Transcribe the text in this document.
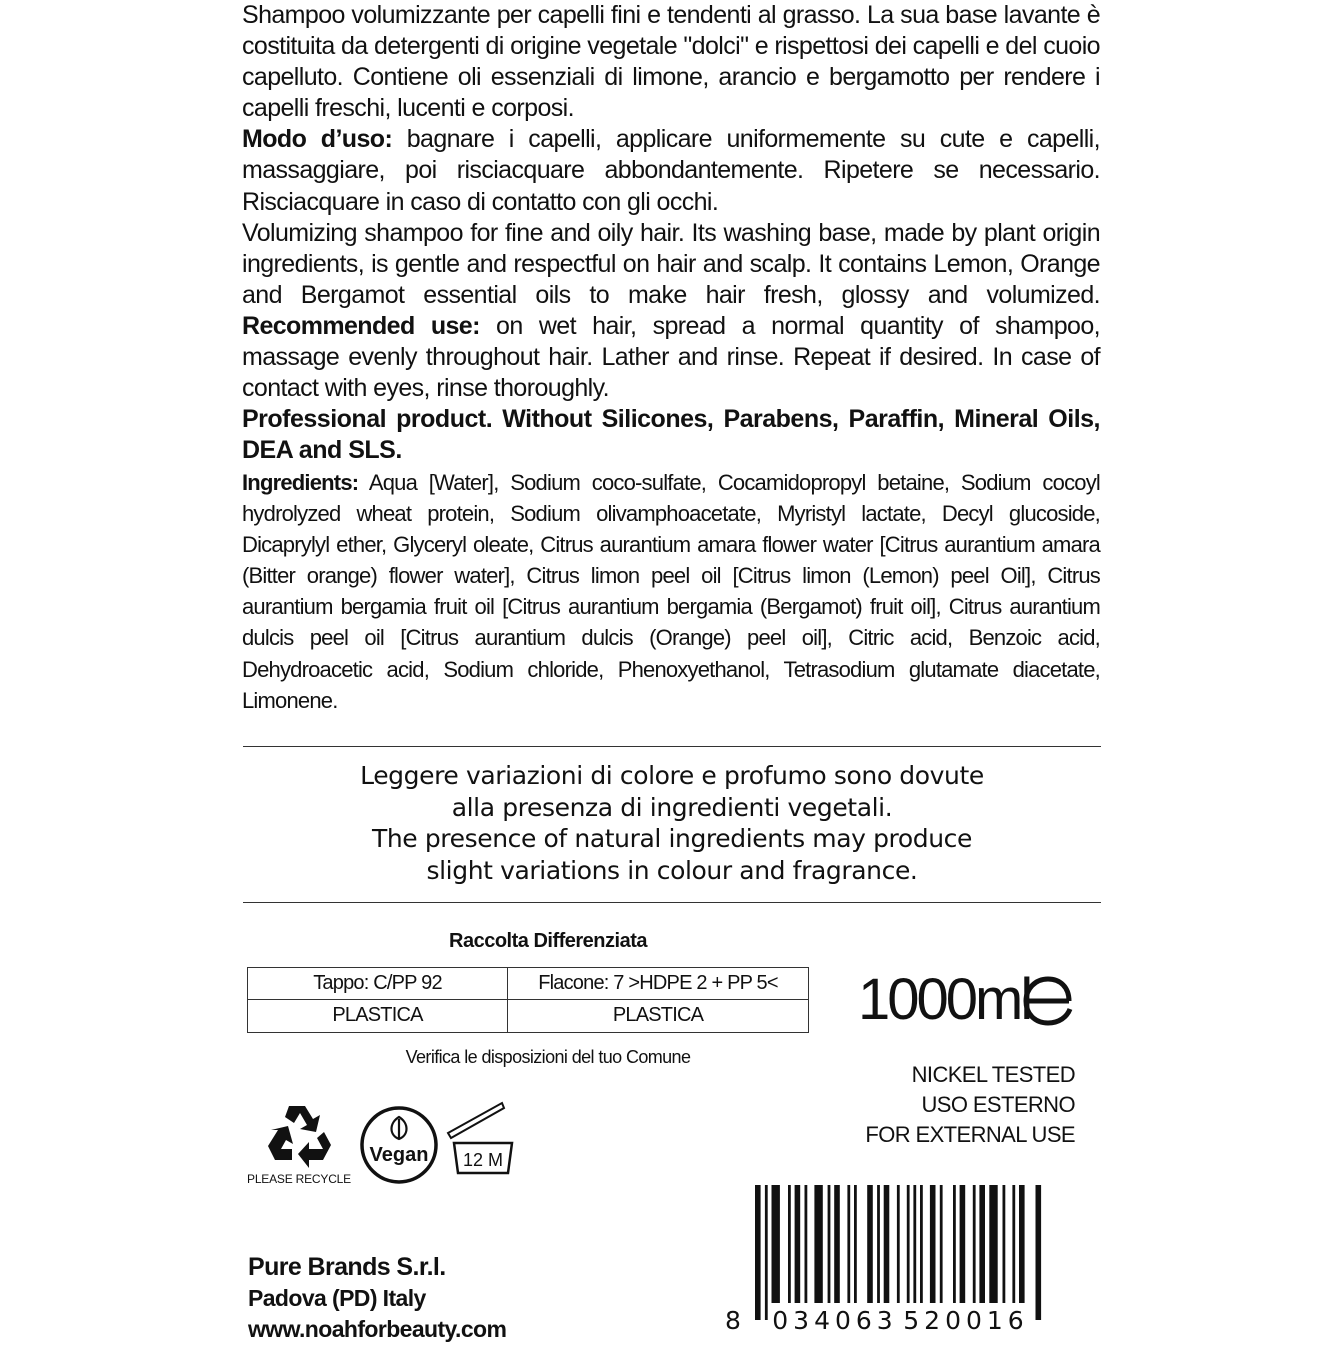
Shampoo volumizzante per capelli fini e tendenti al grasso. La sua base lavante è costituita da detergenti di origine vegetale "dolci" e rispettosi dei capelli e del cuoio capelluto. Contiene oli essenziali di limone, arancio e bergamotto per rendere i capelli freschi, lucenti e corposi.
Modo d’uso: bagnare i capelli, applicare uniformemente su cute e capelli, massaggiare, poi risciacquare abbondantemente. Ripetere se necessario. Risciacquare in caso di contatto con gli occhi.

Volumizing shampoo for fine and oily hair. Its washing base, made by plant origin ingredients, is gentle and respectful on hair and scalp. It contains Lemon, Orange and Bergamot essential oils to make hair fresh, glossy and volumized. Recommended use: on wet hair, spread a normal quantity of shampoo, massage evenly throughout hair. Lather and rinse. Repeat if desired. In case of contact with eyes, rinse thoroughly.

Professional product. Without Silicones, Parabens, Paraffin, Mineral Oils, DEA and SLS.

Ingredients: Aqua [Water], Sodium coco-sulfate, Cocamidopropyl betaine, Sodium cocoyl hydrolyzed wheat protein, Sodium olivamphoacetate, Myristyl lactate, Decyl glucoside, Dicaprylyl ether, Glyceryl oleate, Citrus aurantium amara flower water [Citrus aurantium amara (Bitter orange) flower water], Citrus limon peel oil [Citrus limon (Lemon) peel Oil], Citrus aurantium bergamia fruit oil [Citrus aurantium bergamia (Bergamot) fruit oil], Citrus aurantium dulcis peel oil [Citrus aurantium dulcis (Orange) peel oil], Citric acid, Benzoic acid, Dehydroacetic acid, Sodium chloride, Phenoxyethanol, Tetrasodium glutamate diacetate, Limonene.
Leggere variazioni di colore e profumo sono dovute
alla presenza di ingredienti vegetali.
The presence of natural ingredients may produce
slight variations in colour and fragrance.
Raccolta Differenziata
Tappo: C/PP 92	Flacone: 7 >HDPE 2 + PP 5<
PLASTICA	PLASTICA
Verifica le disposizioni del tuo Comune
1000ml
NICKEL TESTED
USO ESTERNO
FOR EXTERNAL USE
PLEASE RECYCLE
Vegan 12 M
Pure Brands S.r.l.
Padova (PD) Italy
www.noahforbeauty.com	8 034063 520016
